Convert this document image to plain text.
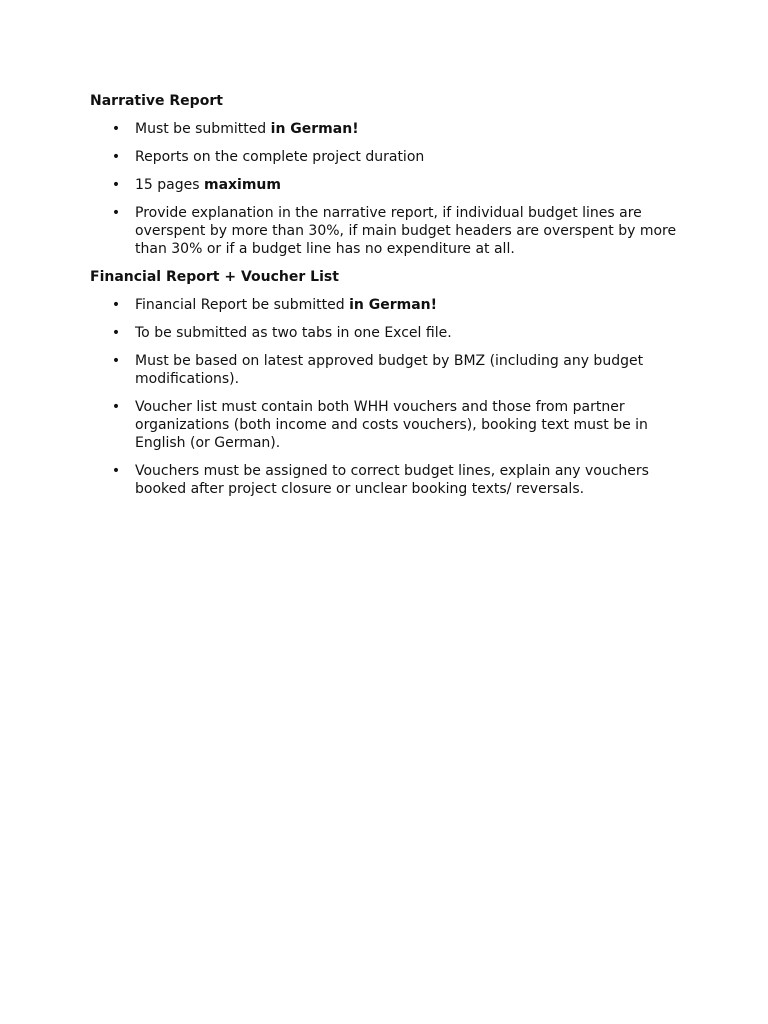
Narrative Report
• Must be submitted in German!
• Reports on the complete project duration
• 15 pages maximum
• Provide explanation in the narrative report, if individual budget lines are overspent by more than 30%, if main budget headers are overspent by more than 30% or if a budget line has no expenditure at all.
Financial Report + Voucher List
• Financial Report be submitted in German!
• To be submitted as two tabs in one Excel file.
• Must be based on latest approved budget by BMZ (including any budget modifications).
• Voucher list must contain both WHH vouchers and those from partner organizations (both income and costs vouchers), booking text must be in English (or German).
• Vouchers must be assigned to correct budget lines, explain any vouchers booked after project closure or unclear booking texts/ reversals.
